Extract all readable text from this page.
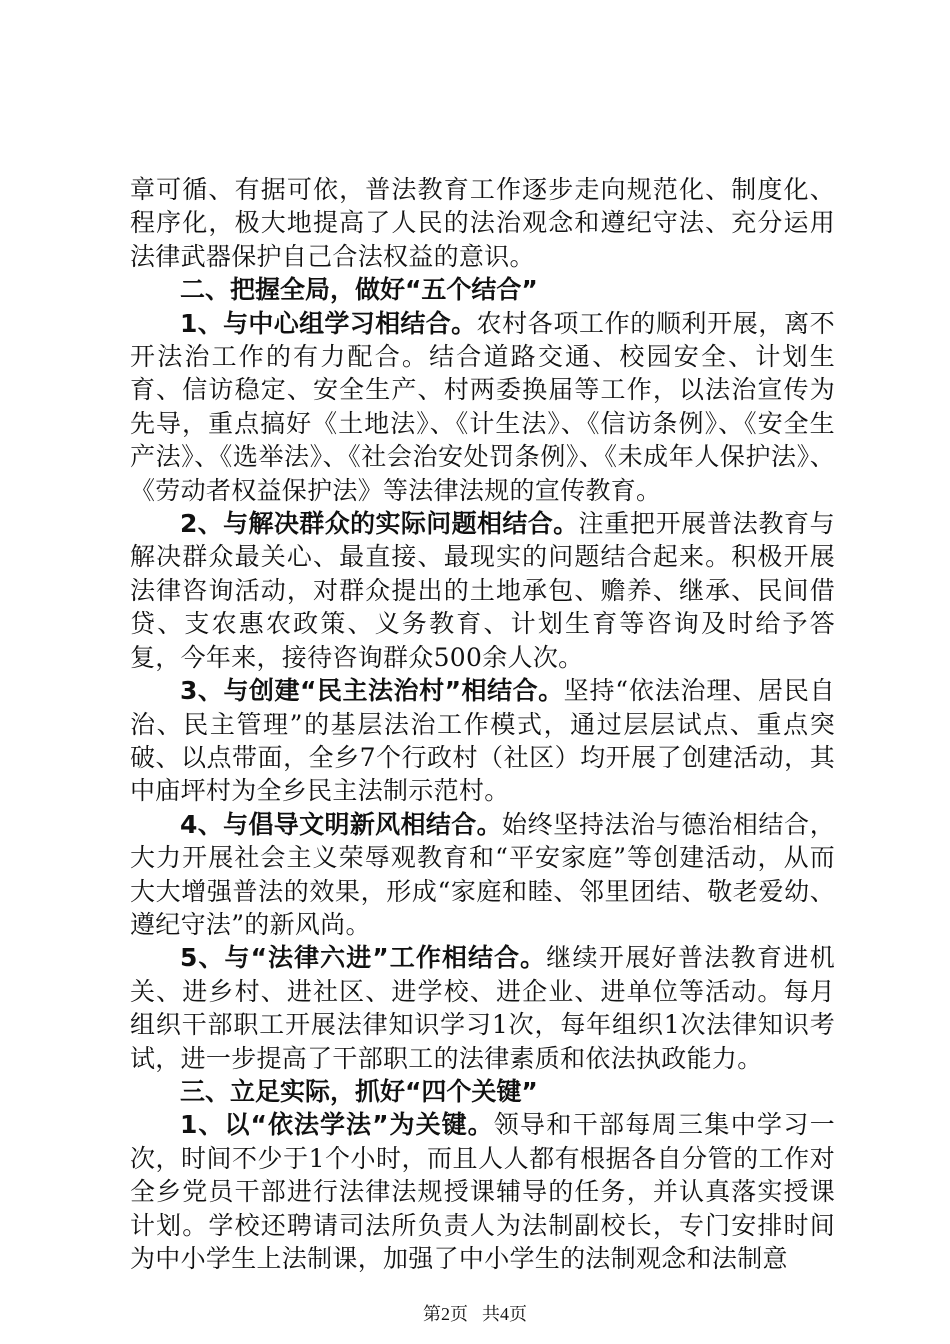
章可循、有据可依，普法教育工作逐步走向规范化、制度化、程序化，极大地提高了人民的法治观念和遵纪守法、充分运用法律武器保护自己合法权益的意识。

二、把握全局，做好“五个结合”

1、与中心组学习相结合。农村各项工作的顺利开展，离不开法治工作的有力配合。结合道路交通、校园安全、计划生育、信访稳定、安全生产、村两委换届等工作，以法治宣传为先导，重点搞好《土地法》、《计生法》、《信访条例》、《安全生产法》、《选举法》、《社会治安处罚条例》、《未成年人保护法》、《劳动者权益保护法》等法律法规的宣传教育。

2、与解决群众的实际问题相结合。注重把开展普法教育与解决群众最关心、最直接、最现实的问题结合起来。积极开展法律咨询活动，对群众提出的土地承包、赡养、继承、民间借贷、支农惠农政策、义务教育、计划生育等咨询及时给予答复，今年来，接待咨询群众500余人次。

3、与创建“民主法治村”相结合。坚持“依法治理、居民自治、民主管理”的基层法治工作模式，通过层层试点、重点突破、以点带面，全乡7个行政村（社区）均开展了创建活动，其中庙坪村为全乡民主法制示范村。

4、与倡导文明新风相结合。始终坚持法治与德治相结合，大力开展社会主义荣辱观教育和“平安家庭”等创建活动，从而大大增强普法的效果，形成“家庭和睦、邻里团结、敬老爱幼、遵纪守法”的新风尚。

5、与“法律六进”工作相结合。继续开展好普法教育进机关、进乡村、进社区、进学校、进企业、进单位等活动。每月组织干部职工开展法律知识学习1次，每年组织1次法律知识考试，进一步提高了干部职工的法律素质和依法执政能力。

三、立足实际，抓好“四个关键”

1、以“依法学法”为关键。领导和干部每周三集中学习一次，时间不少于1个小时，而且人人都有根据各自分管的工作对全乡党员干部进行法律法规授课辅导的任务，并认真落实授课计划。学校还聘请司法所负责人为法制副校长，专门安排时间为中小学生上法制课，加强了中小学生的法制观念和法制意

第2页 共4页
